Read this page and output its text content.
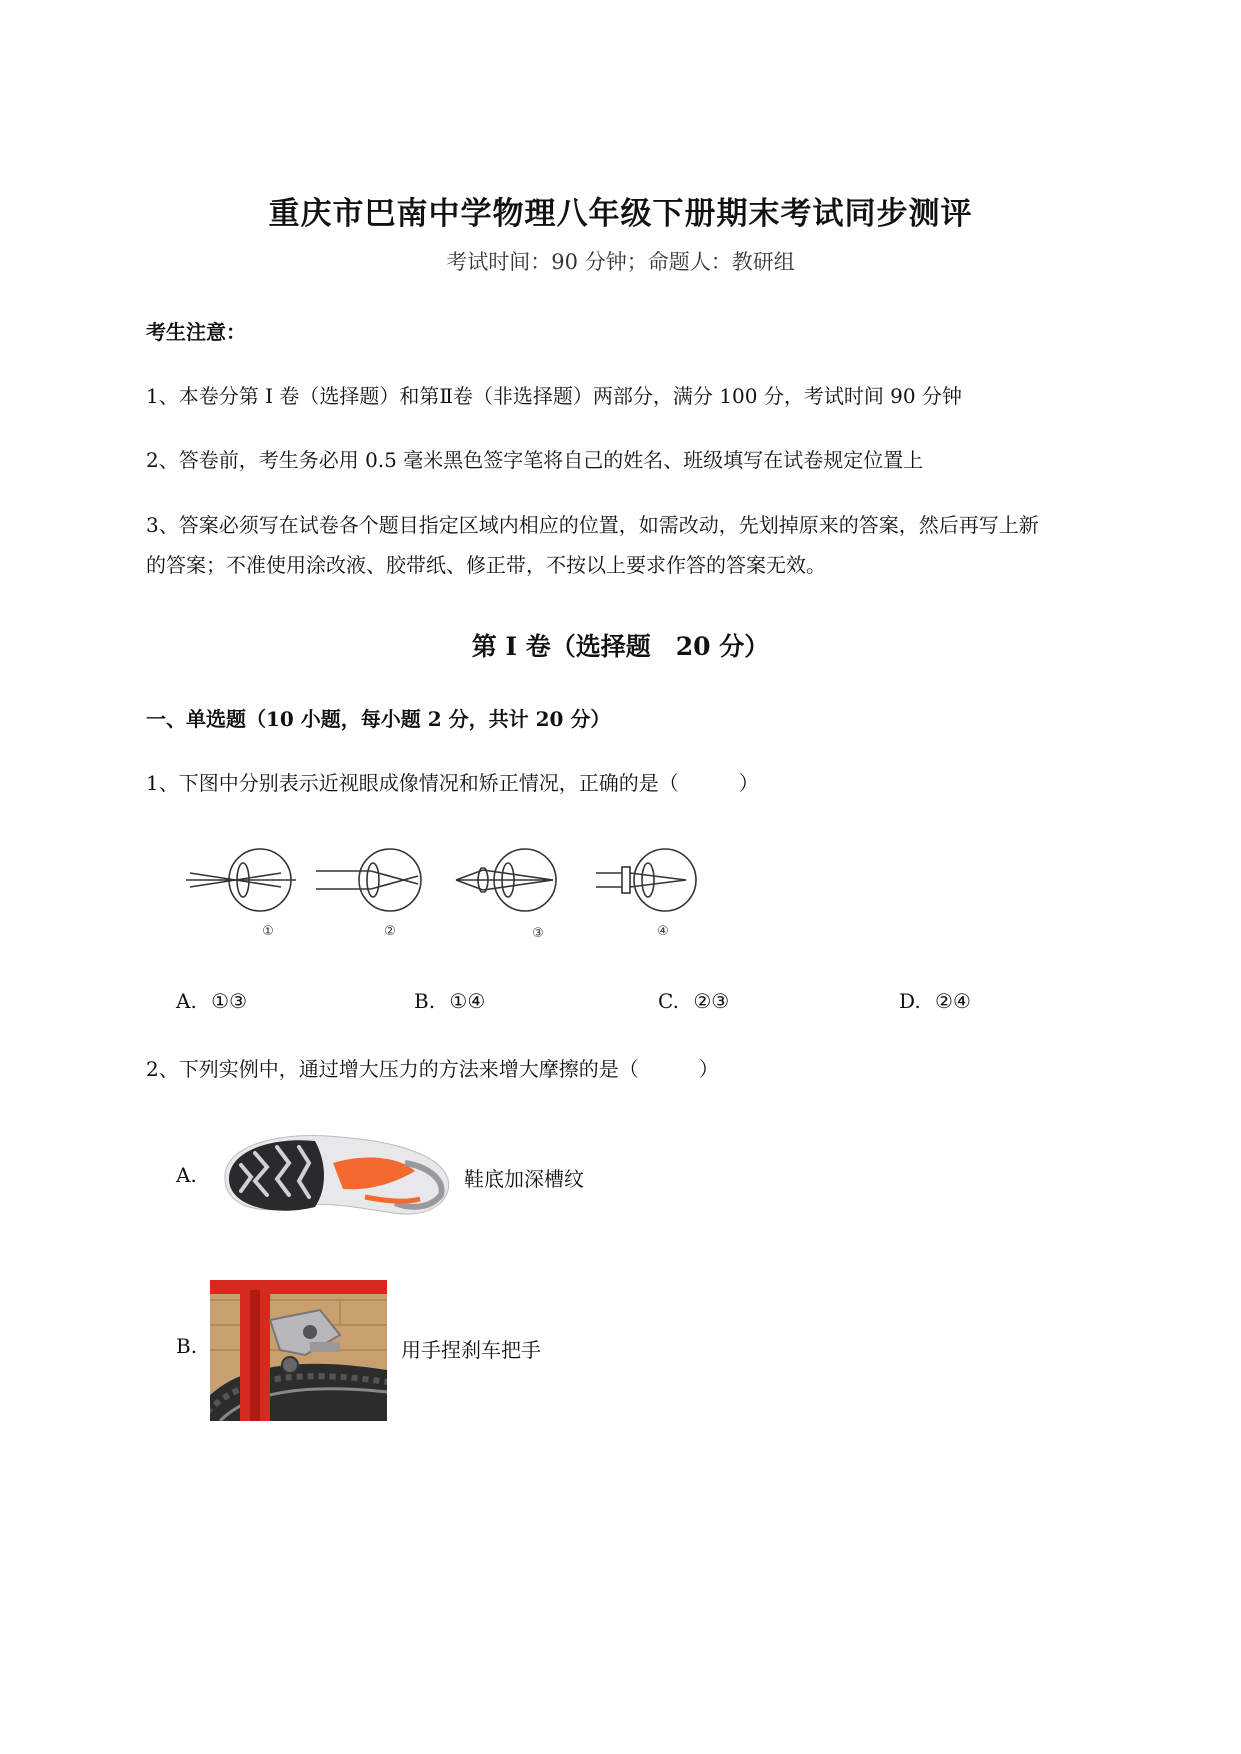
重庆市巴南中学物理八年级下册期末考试同步测评
考试时间：90 分钟；命题人：教研组
考生注意：
1、本卷分第 I 卷（选择题）和第Ⅱ卷（非选择题）两部分，满分 100 分，考试时间 90 分钟
2、答卷前，考生务必用 0.5 毫米黑色签字笔将自己的姓名、班级填写在试卷规定位置上
3、答案必须写在试卷各个题目指定区域内相应的位置，如需改动，先划掉原来的答案，然后再写上新
的答案；不准使用涂改液、胶带纸、修正带，不按以上要求作答的答案无效。
第 I 卷（选择题　20 分）
一、单选题（10 小题，每小题 2 分，共计 20 分）
1、下图中分别表示近视眼成像情况和矫正情况，正确的是（　　　）
①	②	③	④
A. ①③	B. ①④	C. ②③	D. ②④
2、下列实例中，通过增大压力的方法来增大摩擦的是（　　　）
A.	鞋底加深槽纹
B.	用手捏刹车把手
